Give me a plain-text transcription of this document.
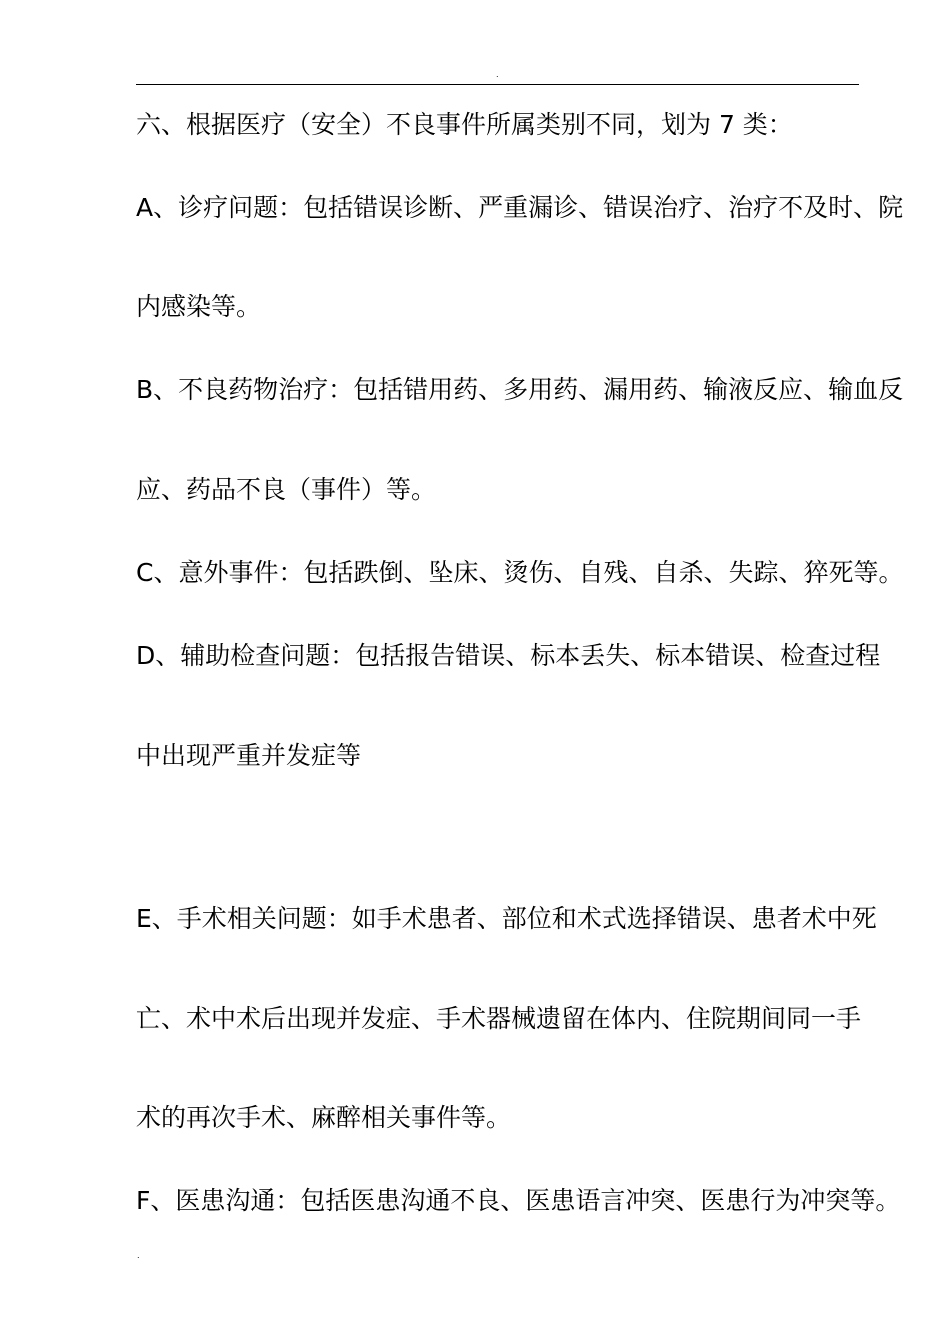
.
六、根据医疗（安全）不良事件所属类别不同，划为 7 类：
A、诊疗问题：包括错误诊断、严重漏诊、错误治疗、治疗不及时、院
内感染等。
B、不良药物治疗：包括错用药、多用药、漏用药、输液反应、输血反
应、药品不良（事件）等。
C、意外事件：包括跌倒、坠床、烫伤、自残、自杀、失踪、猝死等。
D、辅助检查问题：包括报告错误、标本丢失、标本错误、检查过程
中出现严重并发症等
E、手术相关问题：如手术患者、部位和术式选择错误、患者术中死
亡、术中术后出现并发症、手术器械遗留在体内、住院期间同一手
术的再次手术、麻醉相关事件等。
F、医患沟通：包括医患沟通不良、医患语言冲突、医患行为冲突等。
.
